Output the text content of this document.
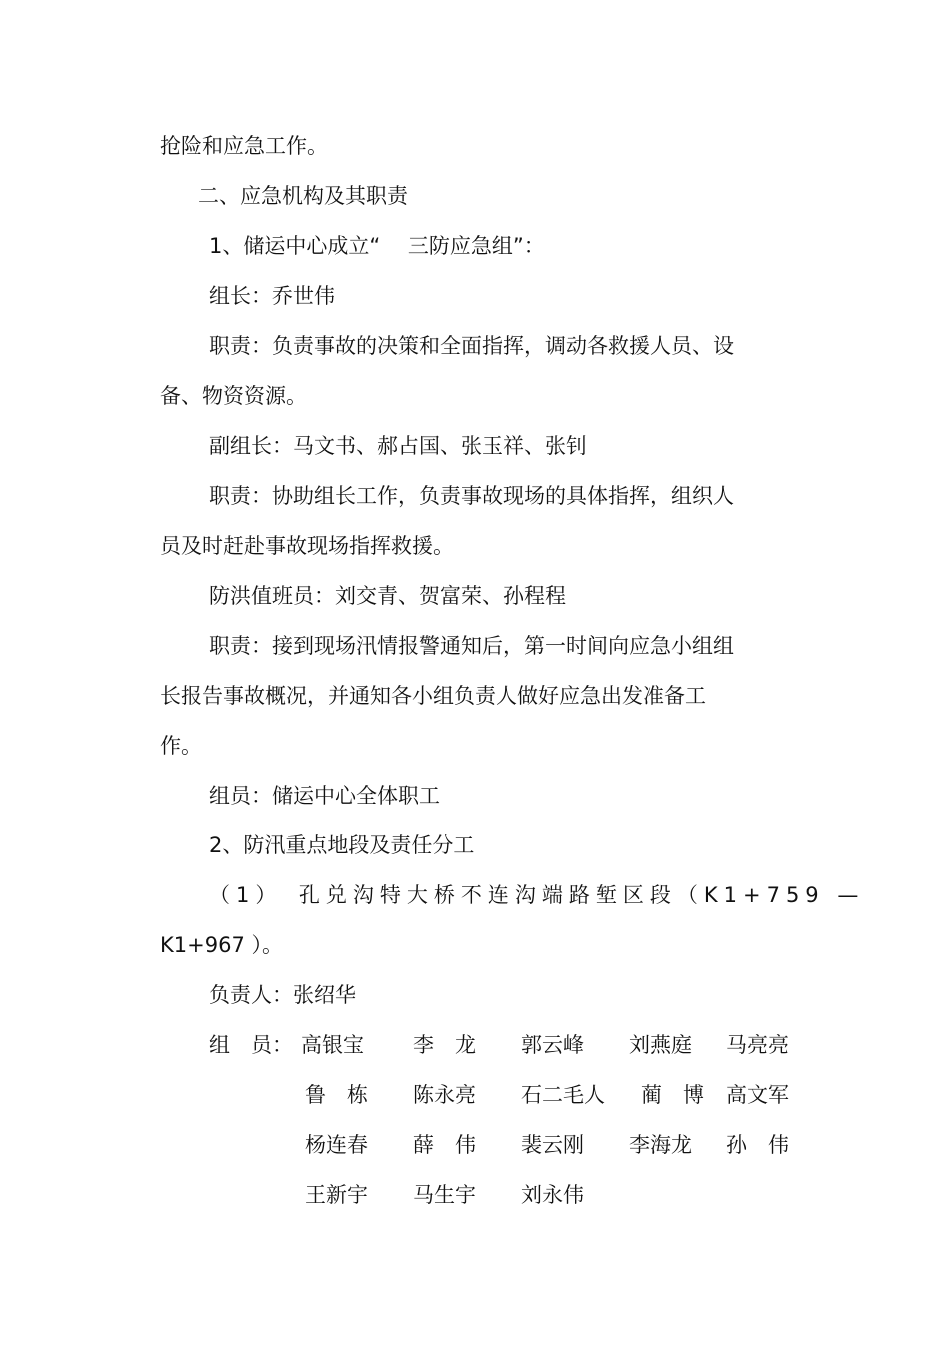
抢险和应急工作。
二、应急机构及其职责
1、储运中心成立“　 三防应急组”：
组长：乔世伟
职责：负责事故的决策和全面指挥，调动各救援人员、设
备、物资资源。
副组长：马文书、郝占国、张玉祥、张钊
职责：协助组长工作，负责事故现场的具体指挥，组织人
员及时赶赴事故现场指挥救援。
防洪值班员：刘交青、贺富荣、孙程程
职责：接到现场汛情报警通知后，第一时间向应急小组组
长报告事故概况，并通知各小组负责人做好应急出发准备工
作。
组员：储运中心全体职工
2、防汛重点地段及责任分工
（1）　孔兑沟特大桥不连沟端路堑区段（K1+759 —
K1+967 ）。
负责人：张绍华
组　员： 高银宝 李　龙 郭云峰 刘燕庭 马亮亮
鲁　栋 陈永亮 石二毛人 蔺　博 高文军
杨连春 薛　伟 裴云刚 李海龙 孙　伟
王新宇 马生宇 刘永伟
